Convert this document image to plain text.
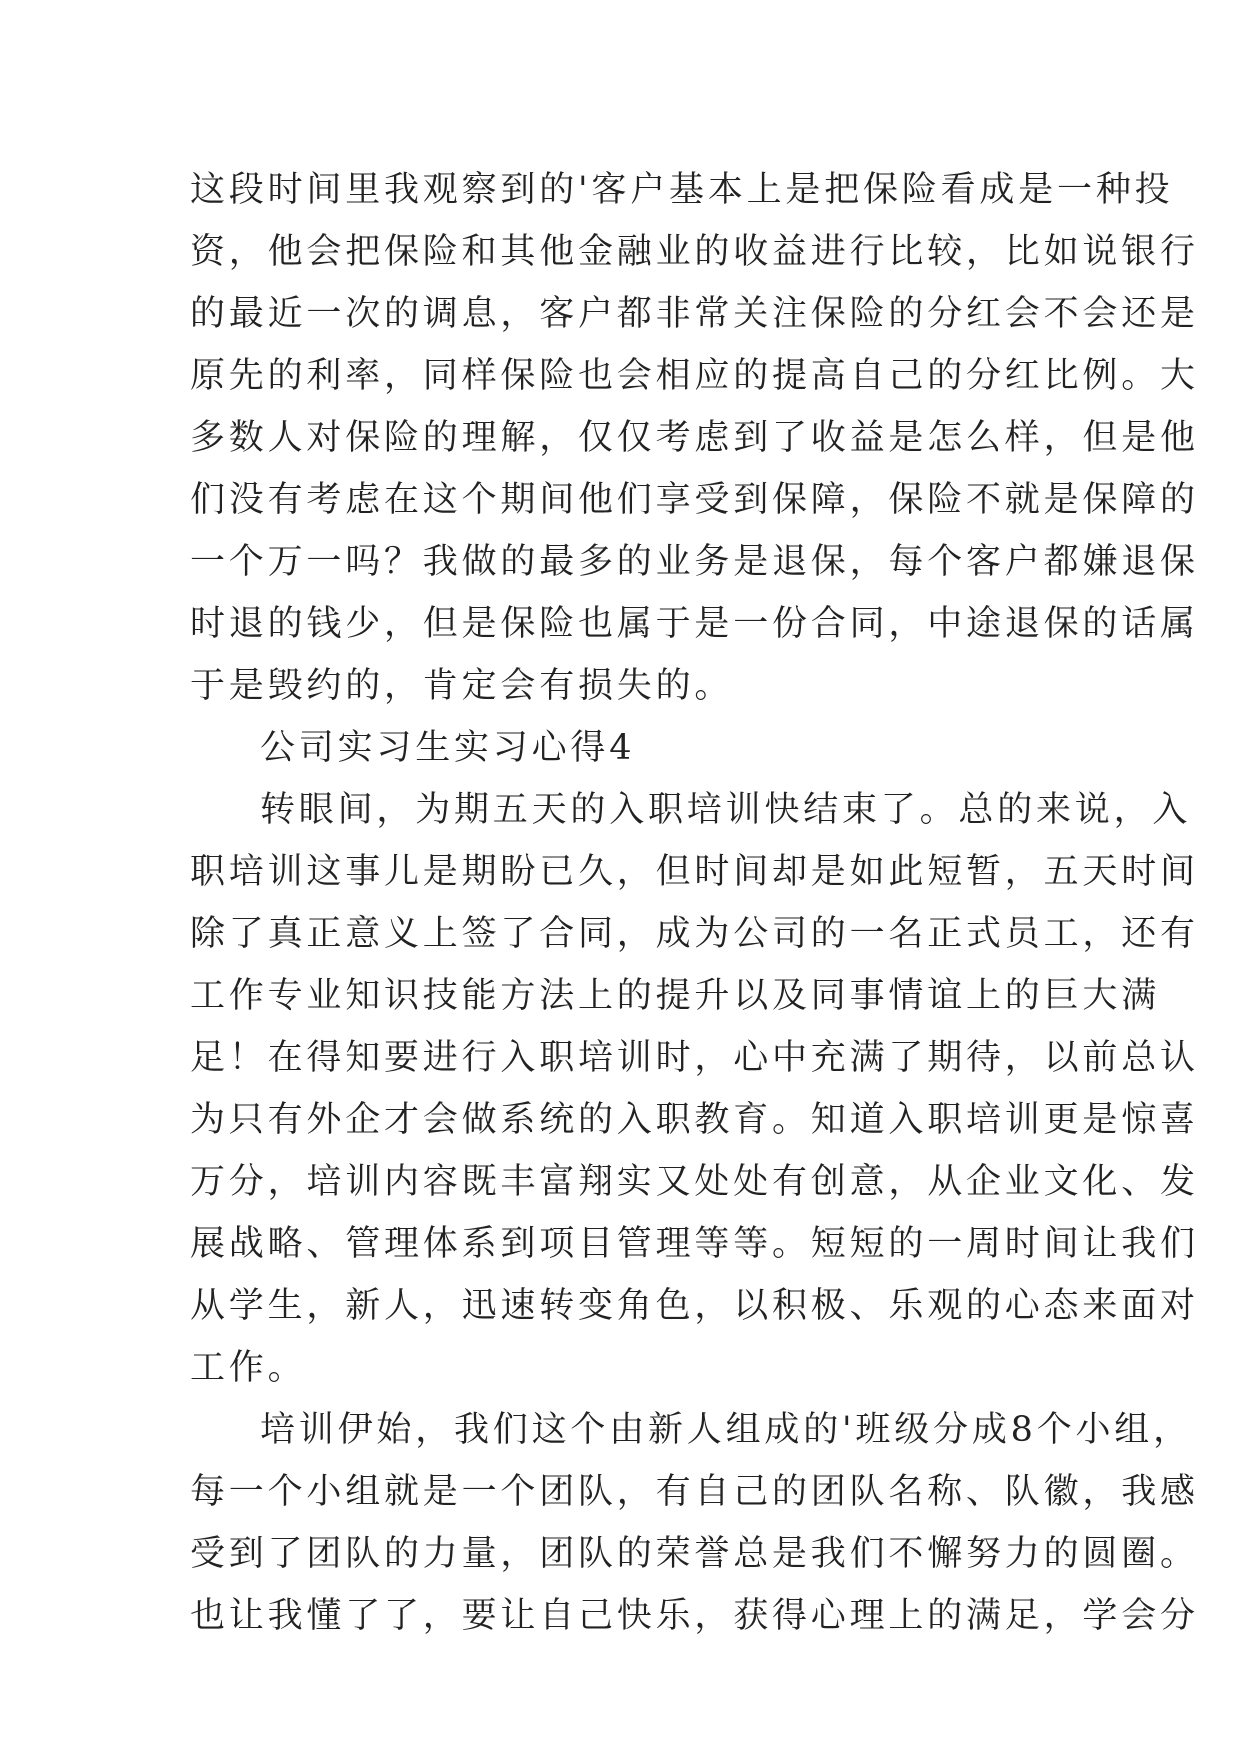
这段时间里我观察到的'客户基本上是把保险看成是一种投
资，他会把保险和其他金融业的收益进行比较，比如说银行
的最近一次的调息，客户都非常关注保险的分红会不会还是
原先的利率，同样保险也会相应的提高自己的分红比例。大
多数人对保险的理解，仅仅考虑到了收益是怎么样，但是他
们没有考虑在这个期间他们享受到保障，保险不就是保障的
一个万一吗？我做的最多的业务是退保，每个客户都嫌退保
时退的钱少，但是保险也属于是一份合同，中途退保的话属
于是毁约的，肯定会有损失的。
公司实习生实习心得4
转眼间，为期五天的入职培训快结束了。总的来说，入
职培训这事儿是期盼已久，但时间却是如此短暂，五天时间
除了真正意义上签了合同，成为公司的一名正式员工，还有
工作专业知识技能方法上的提升以及同事情谊上的巨大满
足！在得知要进行入职培训时，心中充满了期待，以前总认
为只有外企才会做系统的入职教育。知道入职培训更是惊喜
万分，培训内容既丰富翔实又处处有创意，从企业文化、发
展战略、管理体系到项目管理等等。短短的一周时间让我们
从学生，新人，迅速转变角色，以积极、乐观的心态来面对
工作。
培训伊始，我们这个由新人组成的'班级分成8个小组，
每一个小组就是一个团队，有自己的团队名称、队徽，我感
受到了团队的力量，团队的荣誉总是我们不懈努力的圆圈。
也让我懂了了，要让自己快乐，获得心理上的满足，学会分
